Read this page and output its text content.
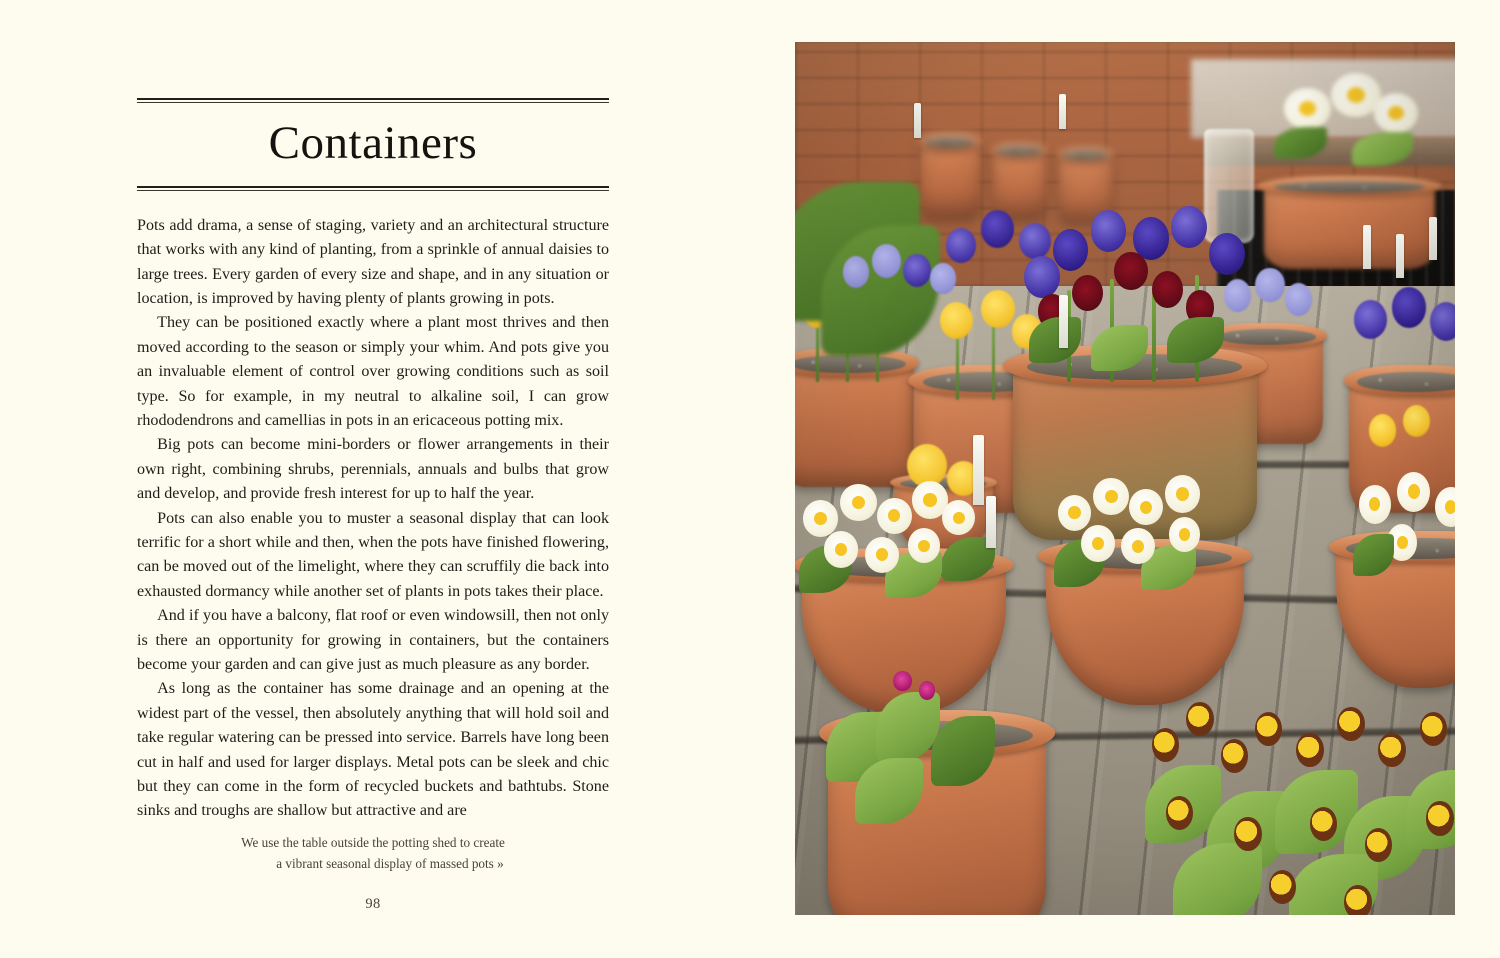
Containers

Pots add drama, a sense of staging, variety and an architectural structure that works with any kind of planting, from a sprinkle of annual daisies to large trees. Every garden of every size and shape, and in any situation or location, is improved by having plenty of plants growing in pots.

They can be positioned exactly where a plant most thrives and then moved according to the season or simply your whim. And pots give you an invaluable element of control over growing conditions such as soil type. So for example, in my neutral to alkaline soil, I can grow rhododendrons and camellias in pots in an ericaceous potting mix.

Big pots can become mini-borders or flower arrangements in their own right, combining shrubs, perennials, annuals and bulbs that grow and develop, and provide fresh interest for up to half the year.

Pots can also enable you to muster a seasonal display that can look terrific for a short while and then, when the pots have finished flowering, can be moved out of the limelight, where they can scruffily die back into exhausted dormancy while another set of plants in pots takes their place.

And if you have a balcony, flat roof or even windowsill, then not only is there an opportunity for growing in containers, but the containers become your garden and can give just as much pleasure as any border.

As long as the container has some drainage and an opening at the widest part of the vessel, then absolutely anything that will hold soil and take regular watering can be pressed into service. Barrels have long been cut in half and used for larger displays. Metal pots can be sleek and chic but they can come in the form of recycled buckets and bathtubs. Stone sinks and troughs are shallow but attractive and are

We use the table outside the potting shed to create
a vibrant seasonal display of massed pots »
98
